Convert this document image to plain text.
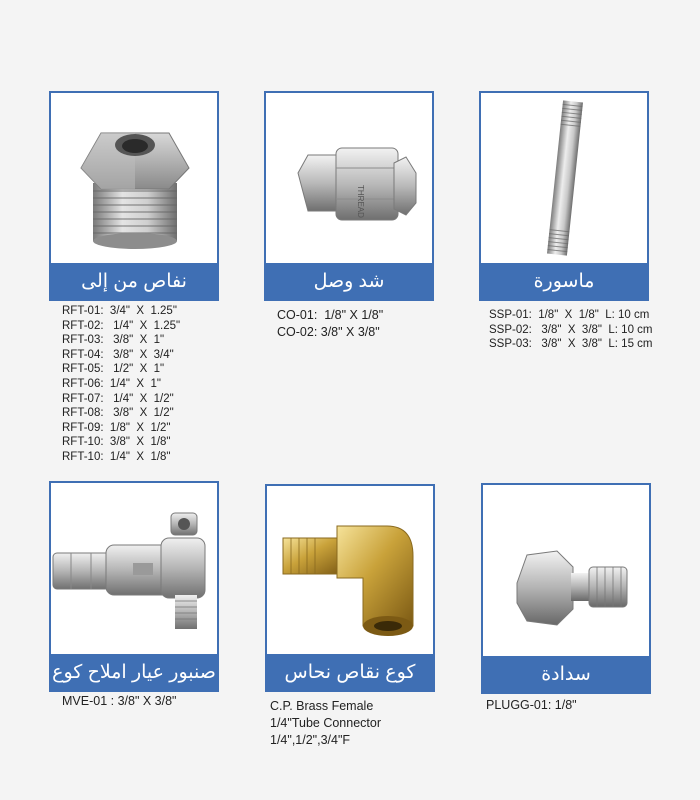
نفاص من إلى
RFT-01:  3/4"  X  1.25"
RFT-02:   1/4"  X  1.25"
RFT-03:   3/8"  X  1"
RFT-04:   3/8"  X  3/4"
RFT-05:   1/2"  X  1"
RFT-06:  1/4"  X  1"
RFT-07:   1/4"  X  1/2"
RFT-08:   3/8"  X  1/2"
RFT-09:  1/8"  X  1/2"
RFT-10:  3/8"  X  1/8"
RFT-10:  1/4"  X  1/8"
THREAD
شد وصل
CO-01:  1/8" X 1/8"
CO-02: 3/8" X 3/8"
ماسورة
SSP-01:  1/8"  X  1/8"  L: 10 cm
SSP-02:   3/8"  X  3/8"  L: 10 cm
SSP-03:   3/8"  X  3/8"  L: 15 cm
صنبور عيار املاح كوع
MVE-01 : 3/8" X 3/8"
كوع نقاص نحاس
C.P. Brass Female
1/4"Tube Connector
1/4",1/2",3/4"F
سدادة
PLUGG-01: 1/8"
